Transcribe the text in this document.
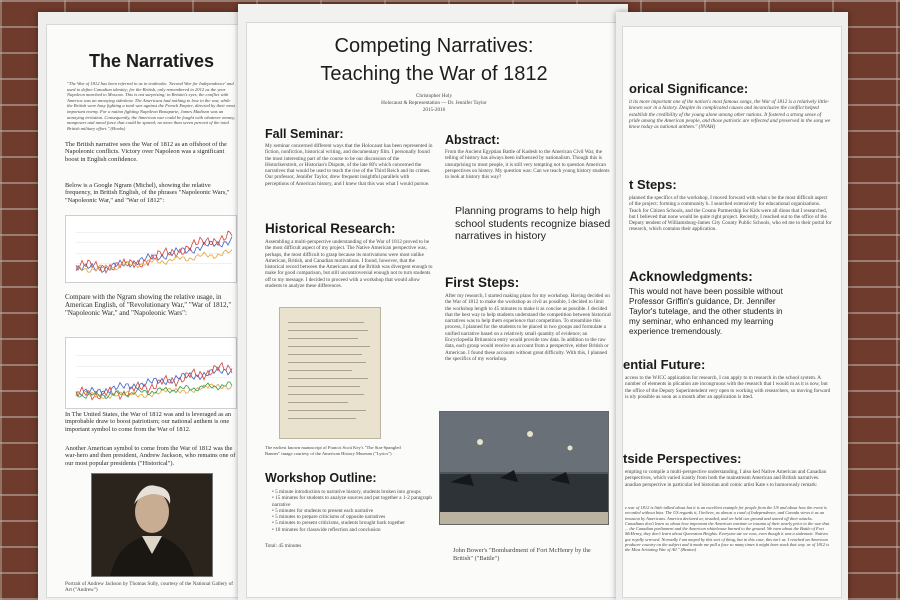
The Narratives

"The War of 1812 has been referred to as in textbooks: 'Second War for Independence' and used to define Canadian identity; for the British, only remembered in 2012 as the year Napoleon marched to Moscow. This is not surprising; in Britain's eyes, the conflict with America was an annoying sideshow. The Americans had nothing to lose in the war, while the British were busy fighting a total war against the French Empire, directed by their most important enemy. For a nation fighting Napoleon Bonaparte, James Madison was an annoying irritation. Consequently, the American war could be fought with whatever money, manpower and naval force that could be spared; no more than seven percent of the total British military effort." (Hooks)

The British narrative sees the War of 1812 as an offshoot of the Napoleonic conflicts. Victory over Napoleon was a significant boost in English confidence.

Below is a Google Ngram (Michel), showing the relative frequency, in British English, of the phrases "Napoleonic Wars," "Napoleonic War," and "War of 1812":

Compare with the Ngram showing the relative usage, in American English, of "Revolutionary War," "War of 1812," "Napoleonic War," and "Napoleonic Wars":

In The United States, the War of 1812 was and is leveraged as an improbable draw to boost patriotism; our national anthem is one important symbol to come from the War of 1812.

Another American symbol to come from the War of 1812 was the war-hero and then president, Andrew Jackson, who remains one of our most popular presidents ("Historical").

Portrait of Andrew Jackson by Thomas Sully, courtesy of the National Gallery of Art ("Andrew")

Competing Narratives:
Teaching the War of 1812

Christopher Holy

Holocaust & Representation — Dr. Jennifer Taylor

2015-2016

Fall Seminar:

My seminar concerned different ways that the Holocaust has been represented in fiction, nonfiction, historical writing, and documentary film. I personally found the most interesting part of the course to be our discussion of the Historikerstreit, or Historian's Dispute, of the late 80's which concerned the narratives that would be used to teach the rise of the Third Reich and its crimes. Our professor, Jennifer Taylor, drew frequent insightful parallels with perceptions of American history, and I knew that this was what I would pursue.

Historical Research:

Assembling a multi-perspective understanding of the War of 1812 proved to be the most difficult aspect of my project. The Native American perspective was, perhaps, the most difficult to grasp because its motivations were most unlike American, British, and Canadian motivations. I found, however, that the historical record between the Americans and the British was divergent enough to make for good comparison, but still uncontroversial enough not to turn students off to my message. I decided to proceed with a workshop that would allow students to analyze these differences.

The earliest known manuscript of Francis Scott Key's "The Star-Spangled Banner" image courtesy of the American History Museum ("Lyrics")

Workshop Outline:
• 5 minute introduction to narrative history, students broken into groups
• 15 minutes for students to analyze sources and put together a 1-2 paragraph narrative
• 5 minutes for students to present each narrative
• 5 minutes to prepare criticisms of opposite narratives
• 5 minutes to present criticisms, students brought back together
• 10 minutes for classwide reflection and conclusion

Total: 45 minutes

Abstract:

From the Ancient Egyptian Battle of Kadesh to the American Civil War, the telling of history has always been influenced by nationalism. Though this is unsurprising to most people, it is still very tempting not to question American perspectives on history. My question was: Can we teach young history students to look at history this way?

Planning programs to help high school students recognize biased narratives in history

First Steps:

After my research, I started making plans for my workshop. Having decided on the War of 1812 to make the workshop as civil as possible, I decided to limit the workshop length to 45 minutes to make it as concise as possible. I decided that the best way to help students understand the competition between historical narratives was to help them experience that competition. To streamline this process, I planned for the students to be placed in two groups and formulate a unified narrative based on a relatively small quantity of evidence; an Encyclopedia Britannica entry would provide raw data. In addition to the raw data, each group would receive an account from a perspective, either British or American. I found these accounts without great difficulty. With this, I planned the specifics of my workshop.

John Bower's "Bombardment of Fort McHenry by the British" ("Battle")

orical Significance:

it its more important one of the nation's most famous songs, the War of 1812 is a relatively little-known war in a history. Despite its complicated causes and inconclusive the conflict helped establish the credibility of the young alone among other nations. It fostered a strong sense of pride among the American people, and those patriotic are reflected and preserved in the song we know today as national anthem." (NVAH)

t Steps:

planned the specifics of the workshop, I moved forward with what s be the most difficult aspect of the project: forming a community h. I searched extensively for educational organizations. Teach for Citizen Schools, and the Cosmo Partnership for Kids were all dions that I researched, but I believed that none would be quite right project. Recently, I reached out to the office of the Deputy tendent of Williamsburg-James City County Public Schools, who ed me to their portal for research, which contains their application.

Acknowledgments:

This would not have been possible without Professor Griffin's guidance, Dr. Jennifer Taylor's tutelage, and the other students in my seminar, who enhanced my learning experience tremendously.

ential Future:

access to the WJCC application for research, I can apply to m research in the school system. A number of elements in plication are incongruous with the research that I would m as it is now, but the office of the Deputy Superintendent very open to working with researchers, so moving forward is nly possible as soon as a month after an application is itted.

tside Perspectives:

empting to compile a multi-perspective understanding, I also ked Native American and Canadian perspectives, which varied icantly from both the mainstream American and British narratives. anadian perspective in particular led historian and comic artist Kate s to humorously remark:

e war of 1812 is little talked about but it is an excellent example for people from the US and about how the event is recorded without bias. The US regards it, I believe, as almost a cond of Independence, and Canada views it as an invasion by Americans. America declared ar, invaded, and we held our ground and staved off their attacks. Canadians don't learn so about how important the American wartime or trauma of their nearly prior to the war that ... the Canadian parliament and the American whitehouse burned to the ground. We earn about the Battle of Fort McHenry, they don't learn about Queenston Heights. Everyone ate we won, even though it was a stalemate. Natives got royally screwed. Normally I am mayed by this sort of thing, but in this case, this isn't us. I reached an American producer country on the subject and it made me pull a face so many times it might have stuck that way. ar of 1812 is the Most Irritating War of All." (Beaton)
